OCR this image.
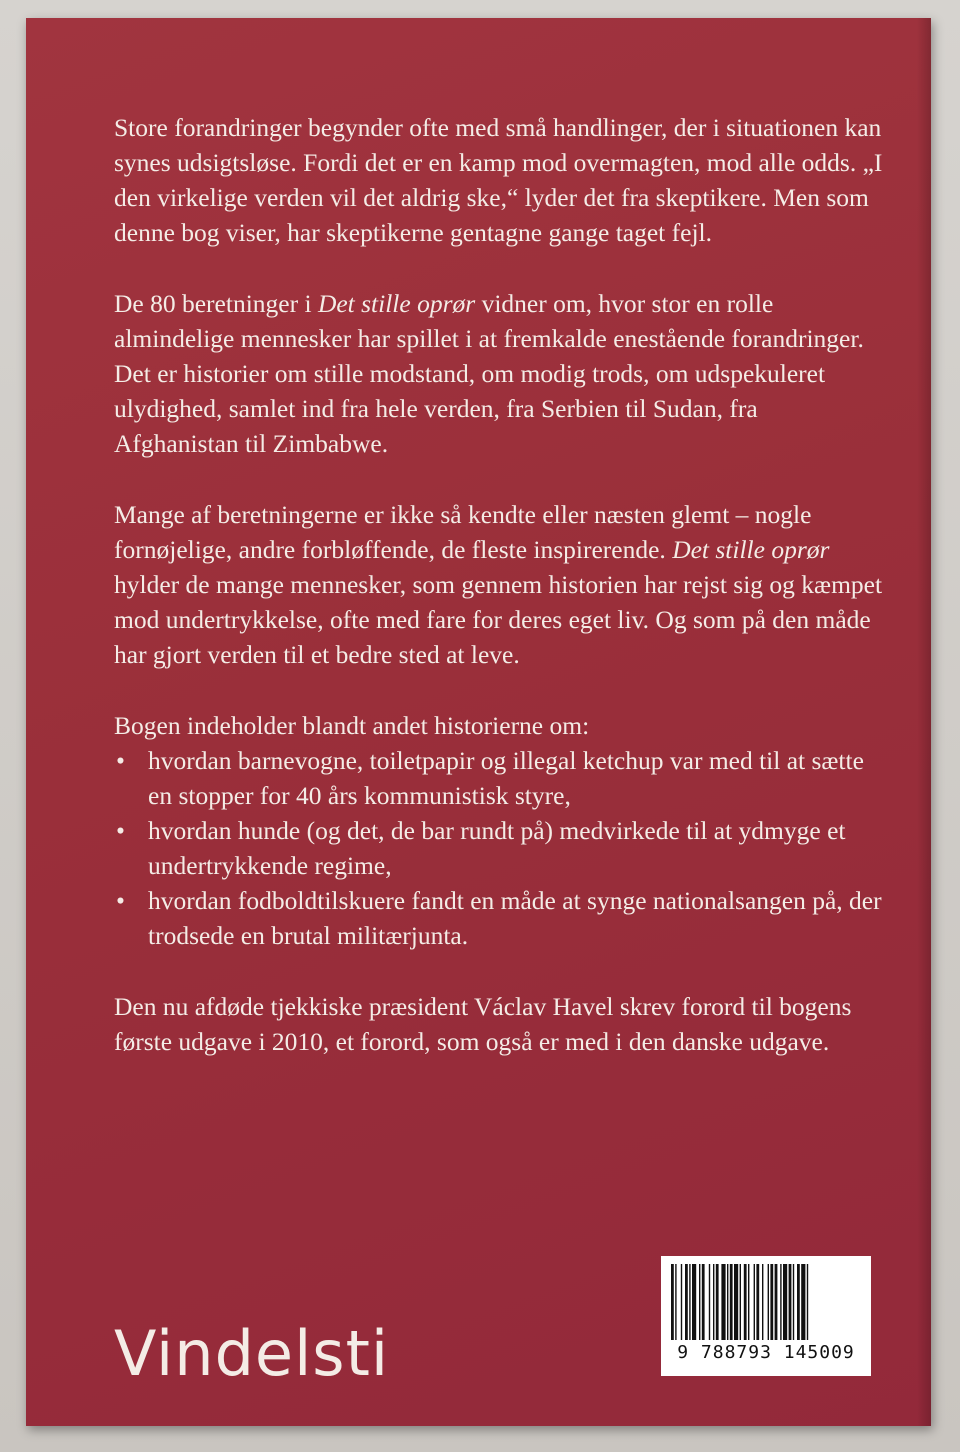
Store forandringer begynder ofte med små handlinger, der i situationen kan synes udsigtsløse. Fordi det er en kamp mod overmagten, mod alle odds. „I den virkelige verden vil det aldrig ske,“ lyder det fra skeptikere. Men som denne bog viser, har skeptikerne gentagne gange taget fejl.

De 80 beretninger i Det stille oprør vidner om, hvor stor en rolle almindelige mennesker har spillet i at fremkalde enestående forandringer. Det er historier om stille modstand, om modig trods, om udspekuleret ulydighed, samlet ind fra hele verden, fra Serbien til Sudan, fra Afghanistan til Zimbabwe.

Mange af beretningerne er ikke så kendte eller næsten glemt – nogle fornøjelige, andre forbløffende, de fleste inspirerende. Det stille oprør hylder de mange mennesker, som gennem historien har rejst sig og kæmpet mod undertrykkelse, ofte med fare for deres eget liv. Og som på den måde har gjort verden til et bedre sted at leve.

Bogen indeholder blandt andet historierne om:

• hvordan barnevogne, toiletpapir og illegal ketchup var med til at sætte en stopper for 40 års kommunistisk styre,
• hvordan hunde (og det, de bar rundt på) medvirkede til at ydmyge et undertrykkende regime,
• hvordan fodboldtilskuere fandt en måde at synge nationalsangen på, der trodsede en brutal militærjunta.

Den nu afdøde tjekkiske præsident Václav Havel skrev forord til bogens første udgave i 2010, et forord, som også er med i den danske udgave.

Vindelsti	9 788793 145009
